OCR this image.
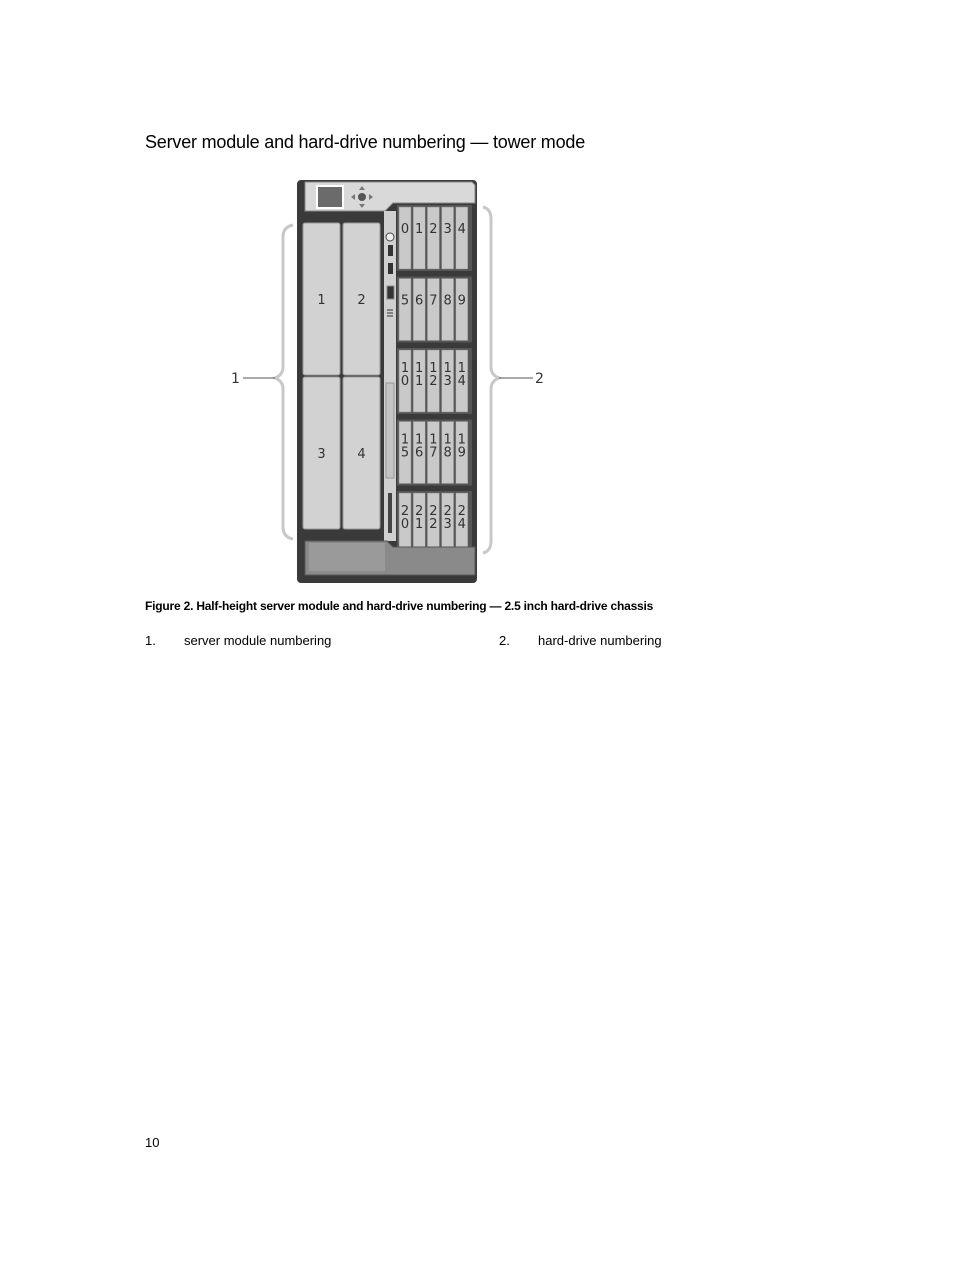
Server module and hard-drive numbering — tower mode
1	2
1 2
3 4
0 1 2 3 4
5 6 7 8 9
1
0
1
1
1
2
1
3
1
4
1
5
1
6
1
7
1
8
1
9
2
0
2
1
2
2
2
3
2
4
Figure 2. Half-height server module and hard-drive numbering — 2.5 inch hard-drive chassis
1. server module numbering	2. hard-drive numbering
10
